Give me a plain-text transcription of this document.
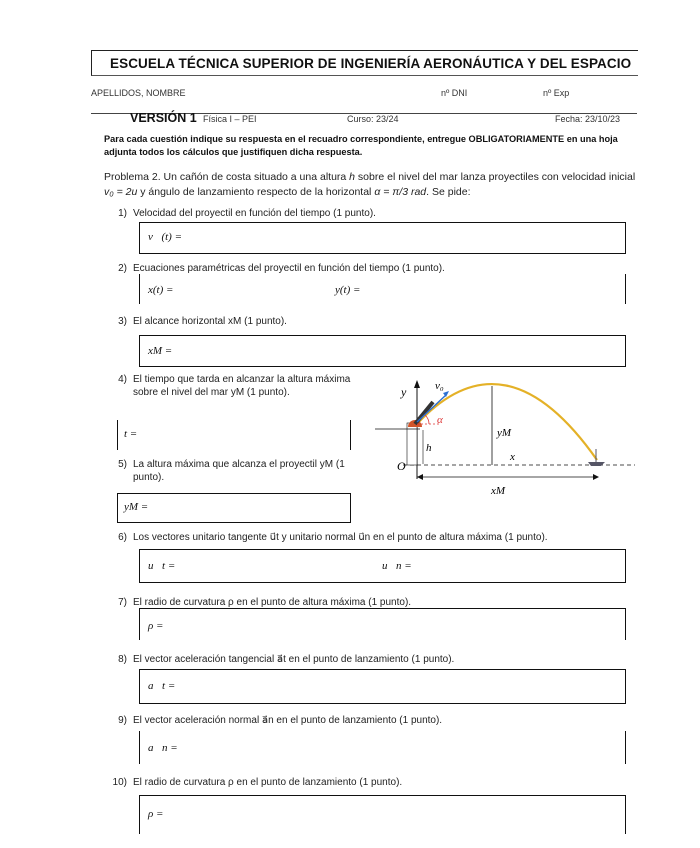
ESCUELA TÉCNICA SUPERIOR DE INGENIERÍA AERONÁUTICA Y DEL ESPACIO
APELLIDOS, NOMBRE	nº DNI	nº Exp
VERSIÓN 1 Física I – PEI	Curso: 23/24	Fecha: 23/10/23
Para cada cuestión indique su respuesta en el recuadro correspondiente, entregue OBLIGATORIAMENTE en una hoja adjunta todos los cálculos que justifiquen dicha respuesta.
Problema 2. Un cañón de costa situado a una altura h sobre el nivel del mar lanza proyectiles con velocidad inicial v₀ = 2u y ángulo de lanzamiento respecto de la horizontal α = π/3 rad. Se pide:
1) Velocidad del proyectil en función del tiempo (1 punto).
v⃗(t) =
2) Ecuaciones paramétricas del proyectil en función del tiempo (1 punto).
x(t) =	y(t) =
3) El alcance horizontal xM (1 punto).
xM =
4) El tiempo que tarda en alcanzar la altura máxima sobre el nivel del mar yM (1 punto).
t =
5) La altura máxima que alcanza el proyectil yM (1 punto).
yM =
y	v₀
α
h
O
yM
x
xM
6) Los vectores unitario tangente u⃗t y unitario normal u⃗n en el punto de altura máxima (1 punto).
u⃗t =	u⃗n =
7) El radio de curvatura ρ en el punto de altura máxima (1 punto).
ρ =
8) El vector aceleración tangencial a⃗t en el punto de lanzamiento (1 punto).
a⃗t =
9) El vector aceleración normal a⃗n en el punto de lanzamiento (1 punto).
a⃗n =
10) El radio de curvatura ρ en el punto de lanzamiento (1 punto).
ρ =
